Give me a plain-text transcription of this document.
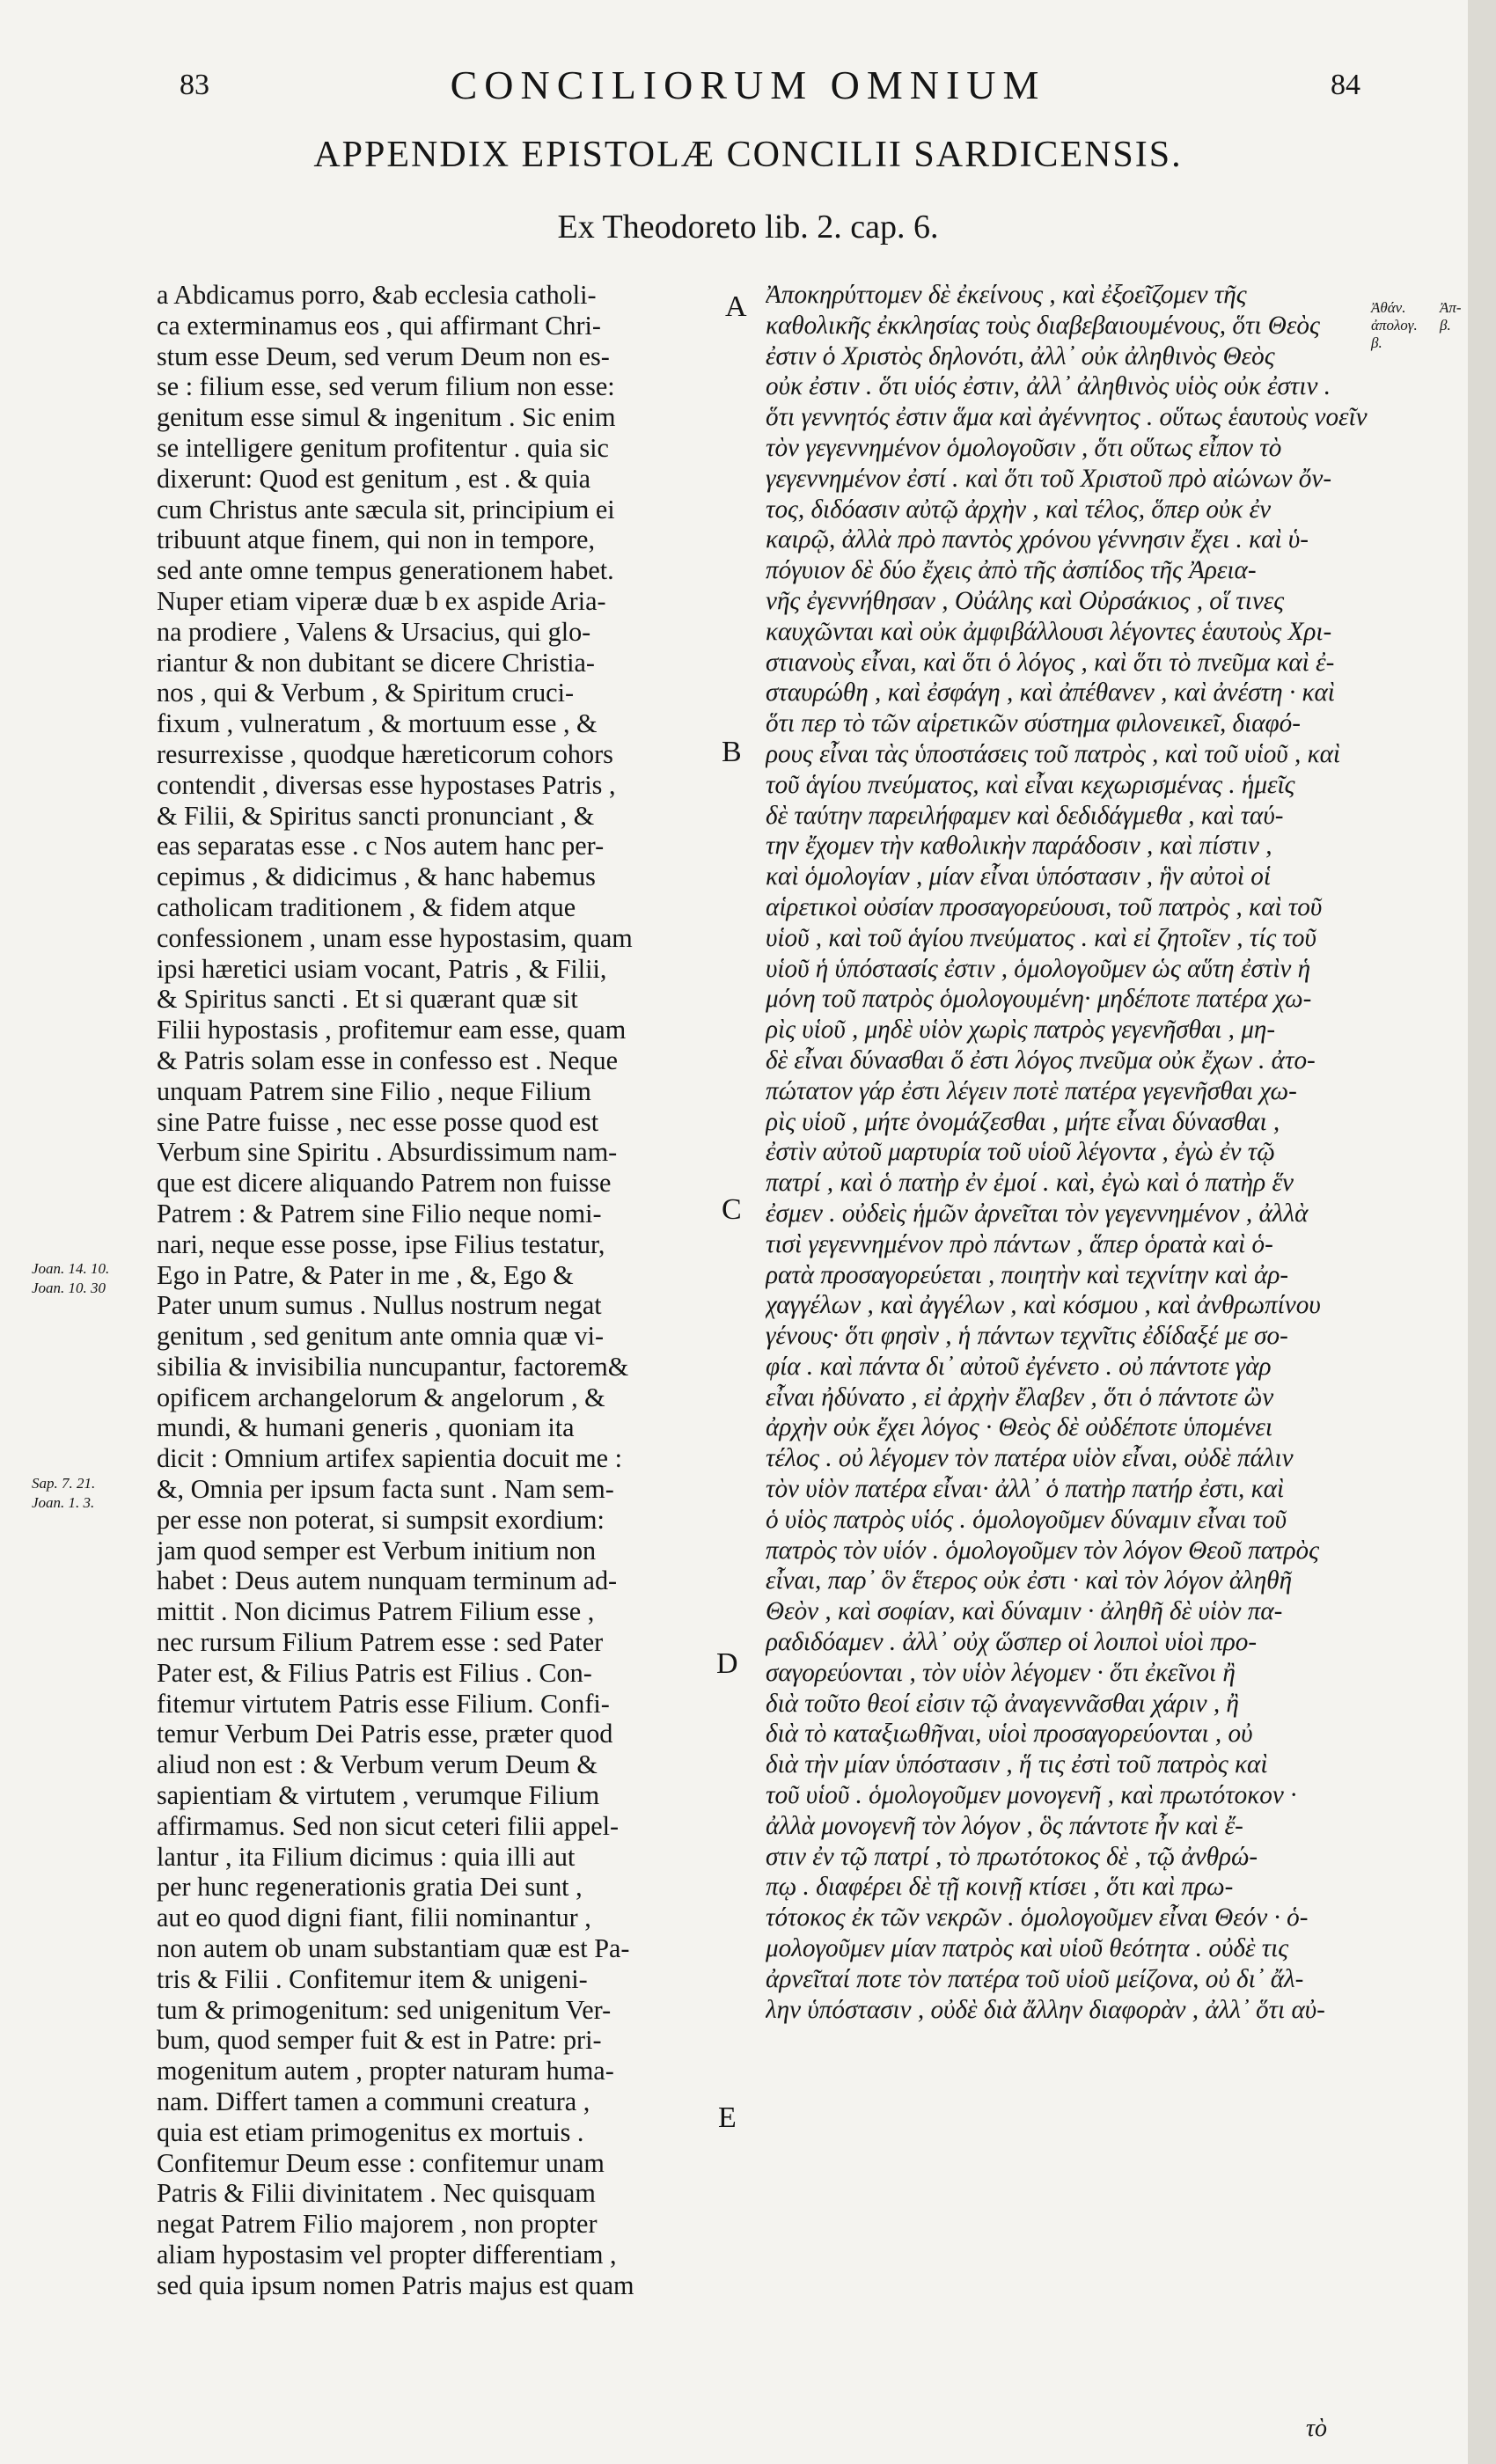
83	CONCILIORUM OMNIUM	84
APPENDIX EPISTOLÆ CONCILII SARDICENSIS.
Ex Theodoreto lib. 2. cap. 6.
a Abdicamus porro, &ab ecclesia catholi-
ca exterminamus eos , qui affirmant Chri-
stum esse Deum, sed verum Deum non es-
se : filium esse, sed verum filium non esse:
genitum esse simul & ingenitum . Sic enim
se intelligere genitum profitentur . quia sic
dixerunt: Quod est genitum , est . & quia
cum Christus ante sæcula sit, principium ei
tribuunt atque finem, qui non in tempore,
sed ante omne tempus generationem habet.
Nuper etiam viperæ duæ b ex aspide Aria-
na prodiere , Valens & Ursacius, qui glo-
riantur & non dubitant se dicere Christia-
nos , qui & Verbum , & Spiritum cruci-
fixum , vulneratum , & mortuum esse , &
resurrexisse , quodque hæreticorum cohors
contendit , diversas esse hypostases Patris ,
& Filii, & Spiritus sancti pronunciant , &
eas separatas esse . c Nos autem hanc per-
cepimus , & didicimus , & hanc habemus
catholicam traditionem , & fidem atque
confessionem , unam esse hypostasim, quam
ipsi hæretici usiam vocant, Patris , & Filii,
& Spiritus sancti . Et si quærant quæ sit
Filii hypostasis , profitemur eam esse, quam
& Patris solam esse in confesso est . Neque
unquam Patrem sine Filio , neque Filium
sine Patre fuisse , nec esse posse quod est
Verbum sine Spiritu . Absurdissimum nam-
que est dicere aliquando Patrem non fuisse
Patrem : & Patrem sine Filio neque nomi-
nari, neque esse posse, ipse Filius testatur,
Ego in Patre, & Pater in me , &, Ego &
Pater unum sumus . Nullus nostrum negat
genitum , sed genitum ante omnia quæ vi-
sibilia & invisibilia nuncupantur, factorem&
opificem archangelorum & angelorum , &
mundi, & humani generis , quoniam ita
dicit : Omnium artifex sapientia docuit me :
&, Omnia per ipsum facta sunt . Nam sem-
per esse non poterat, si sumpsit exordium:
jam quod semper est Verbum initium non
habet : Deus autem nunquam terminum ad-
mittit . Non dicimus Patrem Filium esse ,
nec rursum Filium Patrem esse : sed Pater
Pater est, & Filius Patris est Filius . Con-
fitemur virtutem Patris esse Filium. Confi-
temur Verbum Dei Patris esse, præter quod
aliud non est : & Verbum verum Deum &
sapientiam & virtutem , verumque Filium
affirmamus. Sed non sicut ceteri filii appel-
lantur , ita Filium dicimus : quia illi aut
per hunc regenerationis gratia Dei sunt ,
aut eo quod digni fiant, filii nominantur ,
non autem ob unam substantiam quæ est Pa-
tris & Filii . Confitemur item & unigeni-
tum & primogenitum: sed unigenitum Ver-
bum, quod semper fuit & est in Patre: pri-
mogenitum autem , propter naturam huma-
nam. Differt tamen a communi creatura ,
quia est etiam primogenitus ex mortuis .
Confitemur Deum esse : confitemur unam
Patris & Filii divinitatem . Nec quisquam
negat Patrem Filio majorem , non propter
aliam hypostasim vel propter differentiam ,
sed quia ipsum nomen Patris majus est quam
Ἀποκηρύττομεν δὲ ἐκείνους , καὶ ἐξοεῖζομεν τῆς
καθολικῆς ἐκκλησίας τοὺς διαβεβαιουμένους, ὅτι Θεὸς
ἐστιν ὁ Χριστὸς δηλονότι, ἀλλ᾽ οὐκ ἀληθινὸς Θεὸς
οὐκ ἐστιν . ὅτι υἱός ἐστιν, ἀλλ᾽ ἀληθινὸς υἱὸς οὐκ ἐστιν .
ὅτι γεννητός ἐστιν ἅμα καὶ ἀγέννητος . οὕτως ἑαυτοὺς νοεῖν
τὸν γεγεννημένον ὁμολογοῦσιν , ὅτι οὕτως εἶπον τὸ
γεγεννημένον ἐστί . καὶ ὅτι τοῦ Χριστοῦ πρὸ αἰώνων ὄν-
τος, διδόασιν αὐτῷ ἀρχὴν , καὶ τέλος, ὅπερ οὐκ ἐν
καιρῷ, ἀλλὰ πρὸ παντὸς χρόνου γέννησιν ἔχει . καὶ ὑ-
πόγυιον δὲ δύο ἔχεις ἀπὸ τῆς ἀσπίδος τῆς Ἀρεια-
νῆς ἐγεννήθησαν , Οὐάλης καὶ Οὐρσάκιος , οἵ τινες
καυχῶνται καὶ οὐκ ἀμφιβάλλουσι λέγοντες ἑαυτοὺς Χρι-
στιανοὺς εἶναι, καὶ ὅτι ὁ λόγος , καὶ ὅτι τὸ πνεῦμα καὶ ἐ-
σταυρώθη , καὶ ἐσφάγη , καὶ ἀπέθανεν , καὶ ἀνέστη · καὶ
ὅτι περ τὸ τῶν αἱρετικῶν σύστημα φιλονεικεῖ, διαφό-
ρους εἶναι τὰς ὑποστάσεις τοῦ πατρὸς , καὶ τοῦ υἱοῦ , καὶ
τοῦ ἁγίου πνεύματος, καὶ εἶναι κεχωρισμένας . ἡμεῖς
δὲ ταύτην παρειλήφαμεν καὶ δεδιδάγμεθα , καὶ ταύ-
την ἔχομεν τὴν καθολικὴν παράδοσιν , καὶ πίστιν ,
καὶ ὁμολογίαν , μίαν εἶναι ὑπόστασιν , ἣν αὐτοὶ οἱ
αἱρετικοὶ οὐσίαν προσαγορεύουσι, τοῦ πατρὸς , καὶ τοῦ
υἱοῦ , καὶ τοῦ ἁγίου πνεύματος . καὶ εἰ ζητοῖεν , τίς τοῦ
υἱοῦ ἡ ὑπόστασίς ἐστιν , ὁμολογοῦμεν ὡς αὕτη ἐστὶν ἡ
μόνη τοῦ πατρὸς ὁμολογουμένη· μηδέποτε πατέρα χω-
ρὶς υἱοῦ , μηδὲ υἱὸν χωρὶς πατρὸς γεγενῆσθαι , μη-
δὲ εἶναι δύνασθαι ὅ ἐστι λόγος πνεῦμα οὐκ ἔχων . ἀτο-
πώτατον γάρ ἐστι λέγειν ποτὲ πατέρα γεγενῆσθαι χω-
ρὶς υἱοῦ , μήτε ὀνομάζεσθαι , μήτε εἶναι δύνασθαι ,
ἐστὶν αὐτοῦ μαρτυρία τοῦ υἱοῦ λέγοντα , ἐγὼ ἐν τῷ
πατρί , καὶ ὁ πατὴρ ἐν ἐμοί . καὶ, ἐγὼ καὶ ὁ πατὴρ ἕν
ἐσμεν . οὐδεὶς ἡμῶν ἀρνεῖται τὸν γεγεννημένον , ἀλλὰ
τισὶ γεγεννημένον πρὸ πάντων , ἅπερ ὁρατὰ καὶ ὁ-
ρατὰ προσαγορεύεται , ποιητὴν καὶ τεχνίτην καὶ ἀρ-
χαγγέλων , καὶ ἀγγέλων , καὶ κόσμου , καὶ ἀνθρωπίνου
γένους· ὅτι φησὶν , ἡ πάντων τεχνῖτις ἐδίδαξέ με σο-
φία . καὶ πάντα δι᾽ αὐτοῦ ἐγένετο . οὐ πάντοτε γὰρ
εἶναι ἠδύνατο , εἰ ἀρχὴν ἔλαβεν , ὅτι ὁ πάντοτε ὢν
ἀρχὴν οὐκ ἔχει λόγος · Θεὸς δὲ οὐδέποτε ὑπομένει
τέλος . οὐ λέγομεν τὸν πατέρα υἱὸν εἶναι, οὐδὲ πάλιν
τὸν υἱὸν πατέρα εἶναι· ἀλλ᾽ ὁ πατὴρ πατήρ ἐστι, καὶ
ὁ υἱὸς πατρὸς υἱός . ὁμολογοῦμεν δύναμιν εἶναι τοῦ
πατρὸς τὸν υἱόν . ὁμολογοῦμεν τὸν λόγον Θεοῦ πατρὸς
εἶναι, παρ᾽ ὃν ἕτερος οὐκ ἐστι · καὶ τὸν λόγον ἀληθῆ
Θεὸν , καὶ σοφίαν, καὶ δύναμιν · ἀληθῆ δὲ υἱὸν πα-
ραδιδόαμεν . ἀλλ᾽ οὐχ ὥσπερ οἱ λοιποὶ υἱοὶ προ-
σαγορεύονται , τὸν υἱὸν λέγομεν · ὅτι ἐκεῖνοι ἢ
διὰ τοῦτο θεοί εἰσιν τῷ ἀναγεννᾶσθαι χάριν , ἢ
διὰ τὸ καταξιωθῆναι, υἱοὶ προσαγορεύονται , οὐ
διὰ τὴν μίαν ὑπόστασιν , ἥ τις ἐστὶ τοῦ πατρὸς καὶ
τοῦ υἱοῦ . ὁμολογοῦμεν μονογενῆ , καὶ πρωτότοκον ·
ἀλλὰ μονογενῆ τὸν λόγον , ὃς πάντοτε ἦν καὶ ἔ-
στιν ἐν τῷ πατρί , τὸ πρωτότοκος δὲ , τῷ ἀνθρώ-
πῳ . διαφέρει δὲ τῇ κοινῇ κτίσει , ὅτι καὶ πρω-
τότοκος ἐκ τῶν νεκρῶν . ὁμολογοῦμεν εἶναι Θεόν · ὁ-
μολογοῦμεν μίαν πατρὸς καὶ υἱοῦ θεότητα . οὐδὲ τις
ἀρνεῖταί ποτε τὸν πατέρα τοῦ υἱοῦ μείζονα, οὐ δι᾽ ἄλ-
λην ὑπόστασιν , οὐδὲ διὰ ἄλλην διαφορὰν , ἀλλ᾽ ὅτι αὐ-
A
B
C
D
E
Ἀθάν. ἀπολογ. β.
Ἀπ- β.
Joan. 14. 10.
Joan. 10. 30
Sap. 7. 21.
Joan. 1. 3.
τὸ
